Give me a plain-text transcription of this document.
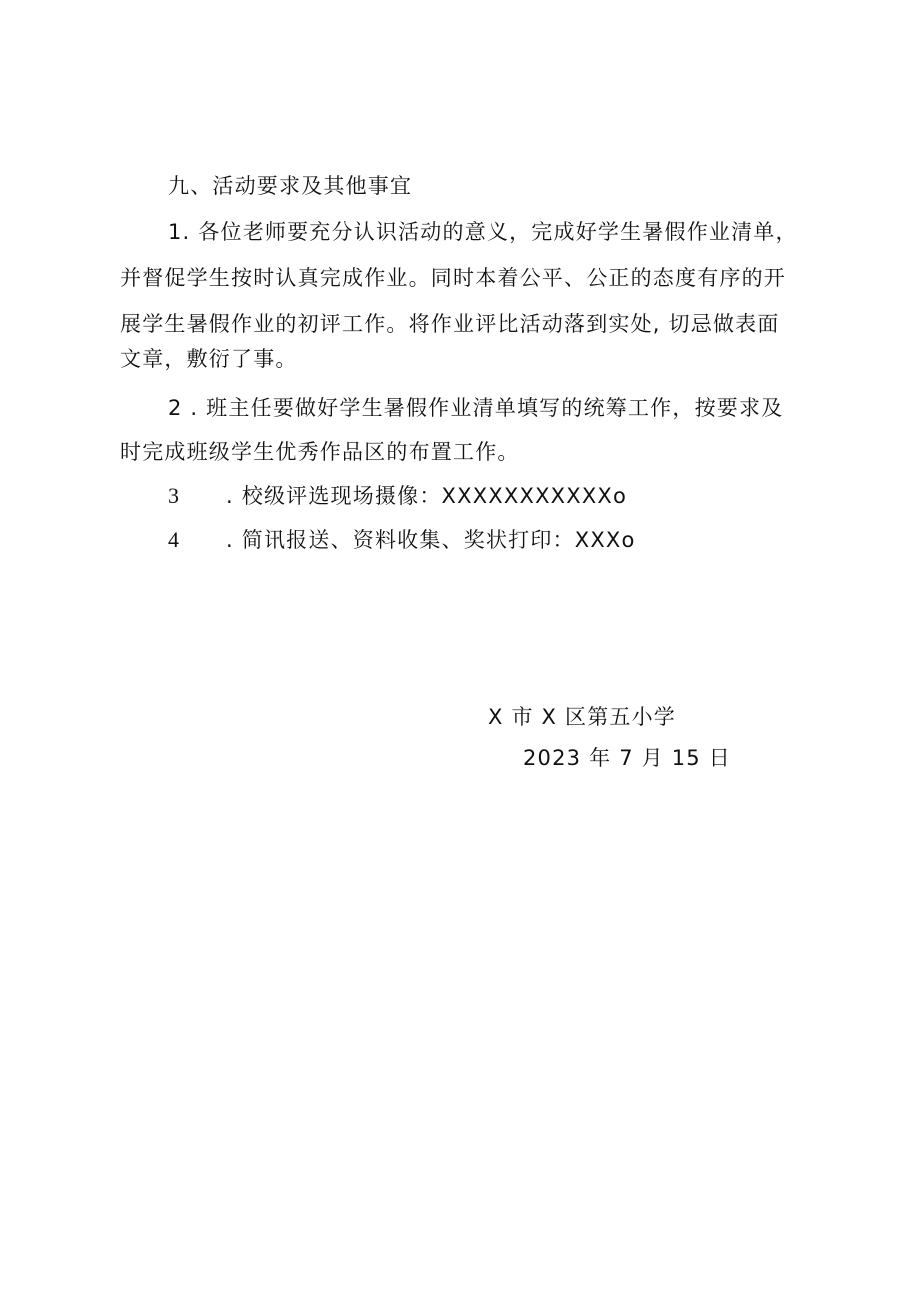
九、活动要求及其他事宜
1. 各位老师要充分认识活动的意义，完成好学生暑假作业清单，
并督促学生按时认真完成作业。同时本着公平、公正的态度有序的开
展学生暑假作业的初评工作。将作业评比活动落到实处, 切忌做表面
文章，敷衍了事。
2 . 班主任要做好学生暑假作业清单填写的统筹工作，按要求及
时完成班级学生优秀作品区的布置工作。
3 . 校级评选现场摄像：XXXXXXXXXXXo
4 . 简讯报送、资料收集、奖状打印：XXXo
X 市 X 区第五小学
2023 年 7 月 15 日
